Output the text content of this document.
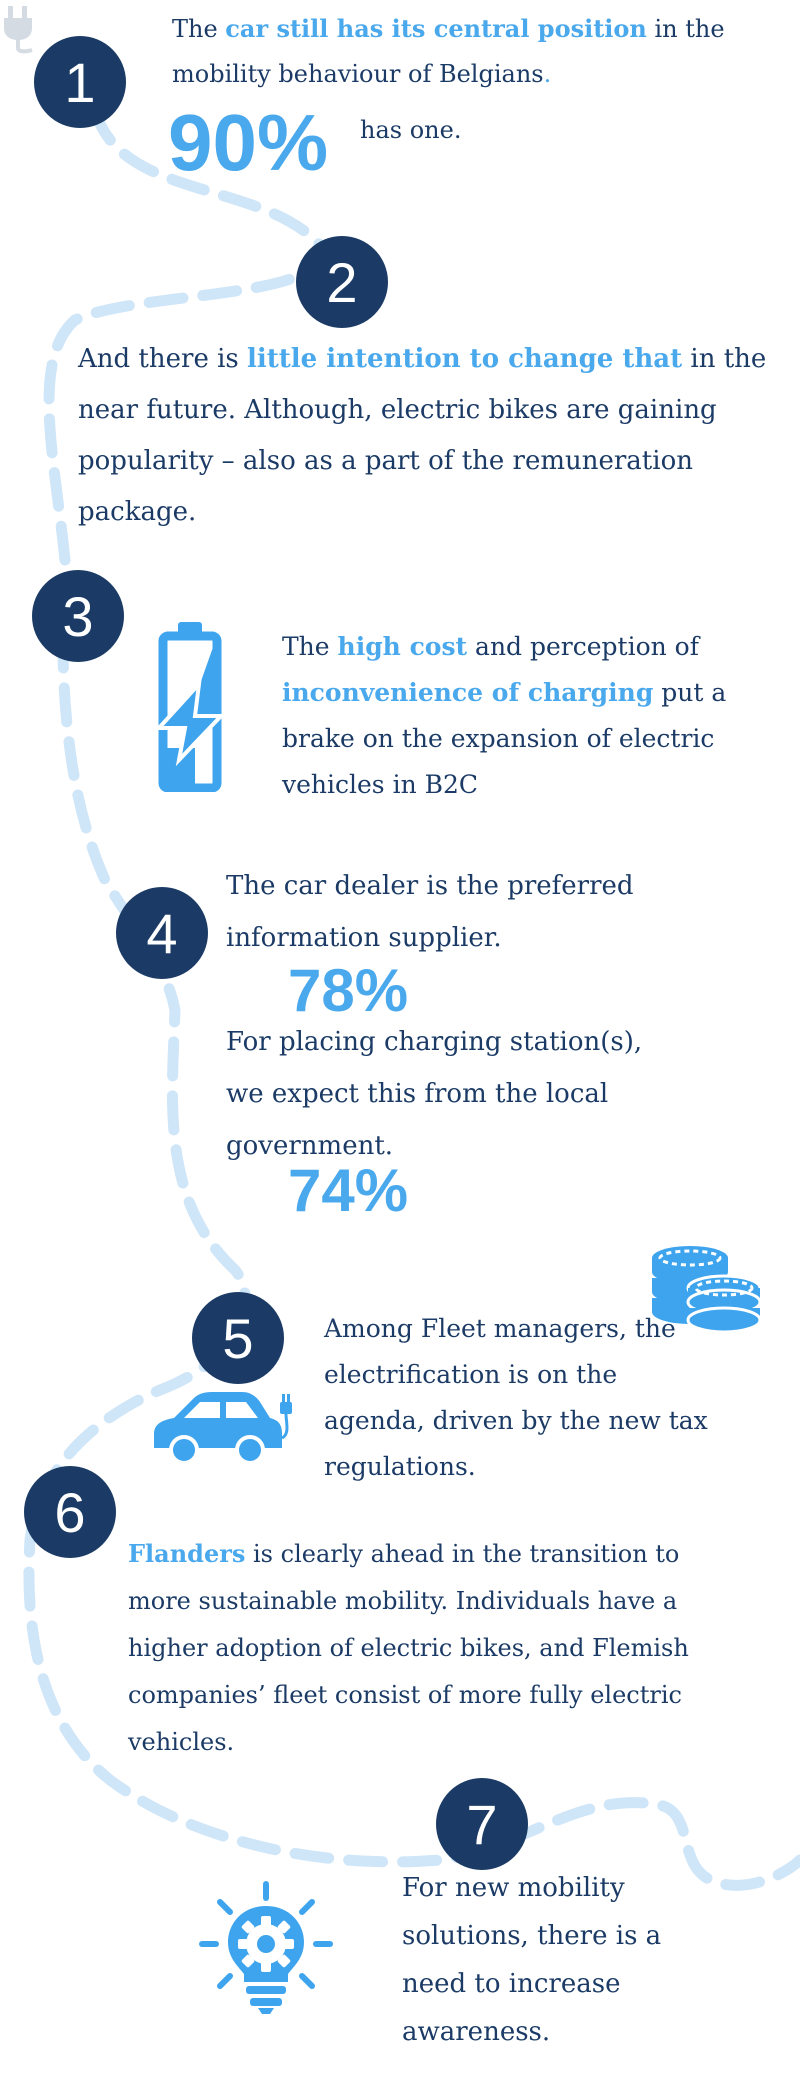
1
The car still has its central position in the mobility behaviour of Belgians.
90% has one.
2
And there is little intention to change that in the near future. Although, electric bikes are gaining popularity – also as a part of the remuneration package.
3	The high cost and perception of inconvenience of charging put a brake on the expansion of electric vehicles in B2C
4
The car dealer is the preferred information supplier.
78%
For placing charging station(s), we expect this from the local government.
74%
5	Among Fleet managers, the electrification is on the agenda, driven by the new tax regulations.
6
Flanders is clearly ahead in the transition to more sustainable mobility. Individuals have a higher adoption of electric bikes, and Flemish companies’ fleet consist of more fully electric vehicles.
7
For new mobility solutions, there is a need to increase awareness.
